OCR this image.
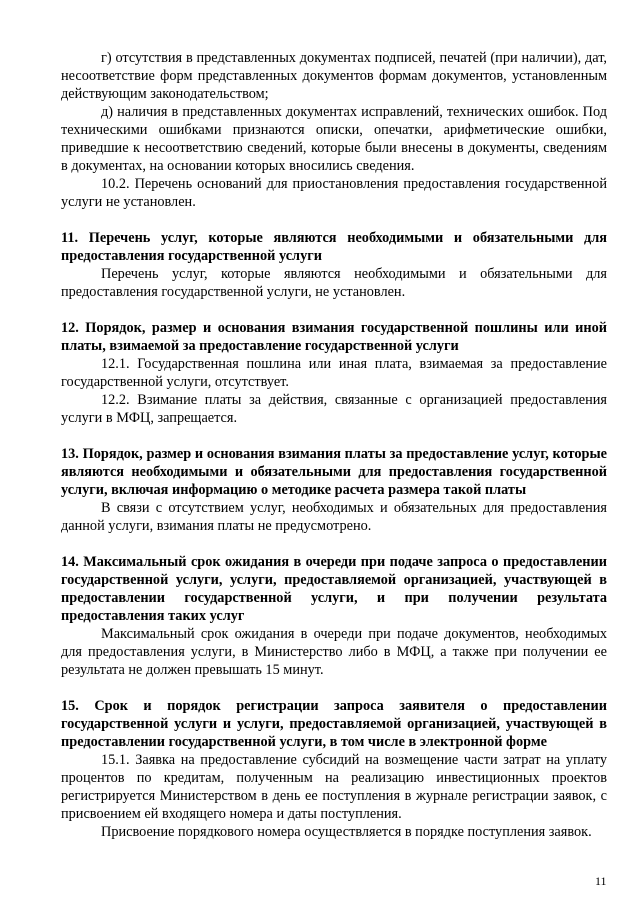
г) отсутствия в представленных документах подписей, печатей (при наличии), дат, несоответствие форм представленных документов формам документов, установленным действующим законодательством;

д) наличия в представленных документах исправлений, технических ошибок. Под техническими ошибками признаются описки, опечатки, арифметические ошибки, приведшие к несоответствию сведений, которые были внесены в документы, сведениям в документах, на основании которых вносились сведения.

10.2. Перечень оснований для приостановления предоставления государственной услуги не установлен.

11. Перечень услуг, которые являются необходимыми и обязательными для предоставления государственной услуги

Перечень услуг, которые являются необходимыми и обязательными для предоставления государственной услуги, не установлен.

12. Порядок, размер и основания взимания государственной пошлины или иной платы, взимаемой за предоставление государственной услуги

12.1. Государственная пошлина или иная плата, взимаемая за предоставление государственной услуги, отсутствует.

12.2. Взимание платы за действия, связанные с организацией предоставления услуги в МФЦ, запрещается.

13. Порядок, размер и основания взимания платы за предоставление услуг, которые являются необходимыми и обязательными для предоставления государственной услуги, включая информацию о методике расчета размера такой платы

В связи с отсутствием услуг, необходимых и обязательных для предоставления данной услуги, взимания платы не предусмотрено.

14. Максимальный срок ожидания в очереди при подаче запроса о предоставлении государственной услуги, услуги, предоставляемой организацией, участвующей в предоставлении государственной услуги, и при получении результата предоставления таких услуг

Максимальный срок ожидания в очереди при подаче документов, необходимых для предоставления услуги, в Министерство либо в МФЦ, а также при получении ее результата не должен превышать 15 минут.

15. Срок и порядок регистрации запроса заявителя о предоставлении государственной услуги и услуги, предоставляемой организацией, участвующей в предоставлении государственной услуги, в том числе в электронной форме

15.1. Заявка на предоставление субсидий на возмещение части затрат на уплату процентов по кредитам, полученным на реализацию инвестиционных проектов регистрируется Министерством в день ее поступления в журнале регистрации заявок, с присвоением ей входящего номера и даты поступления.

Присвоение порядкового номера осуществляется в порядке поступления заявок.

11
